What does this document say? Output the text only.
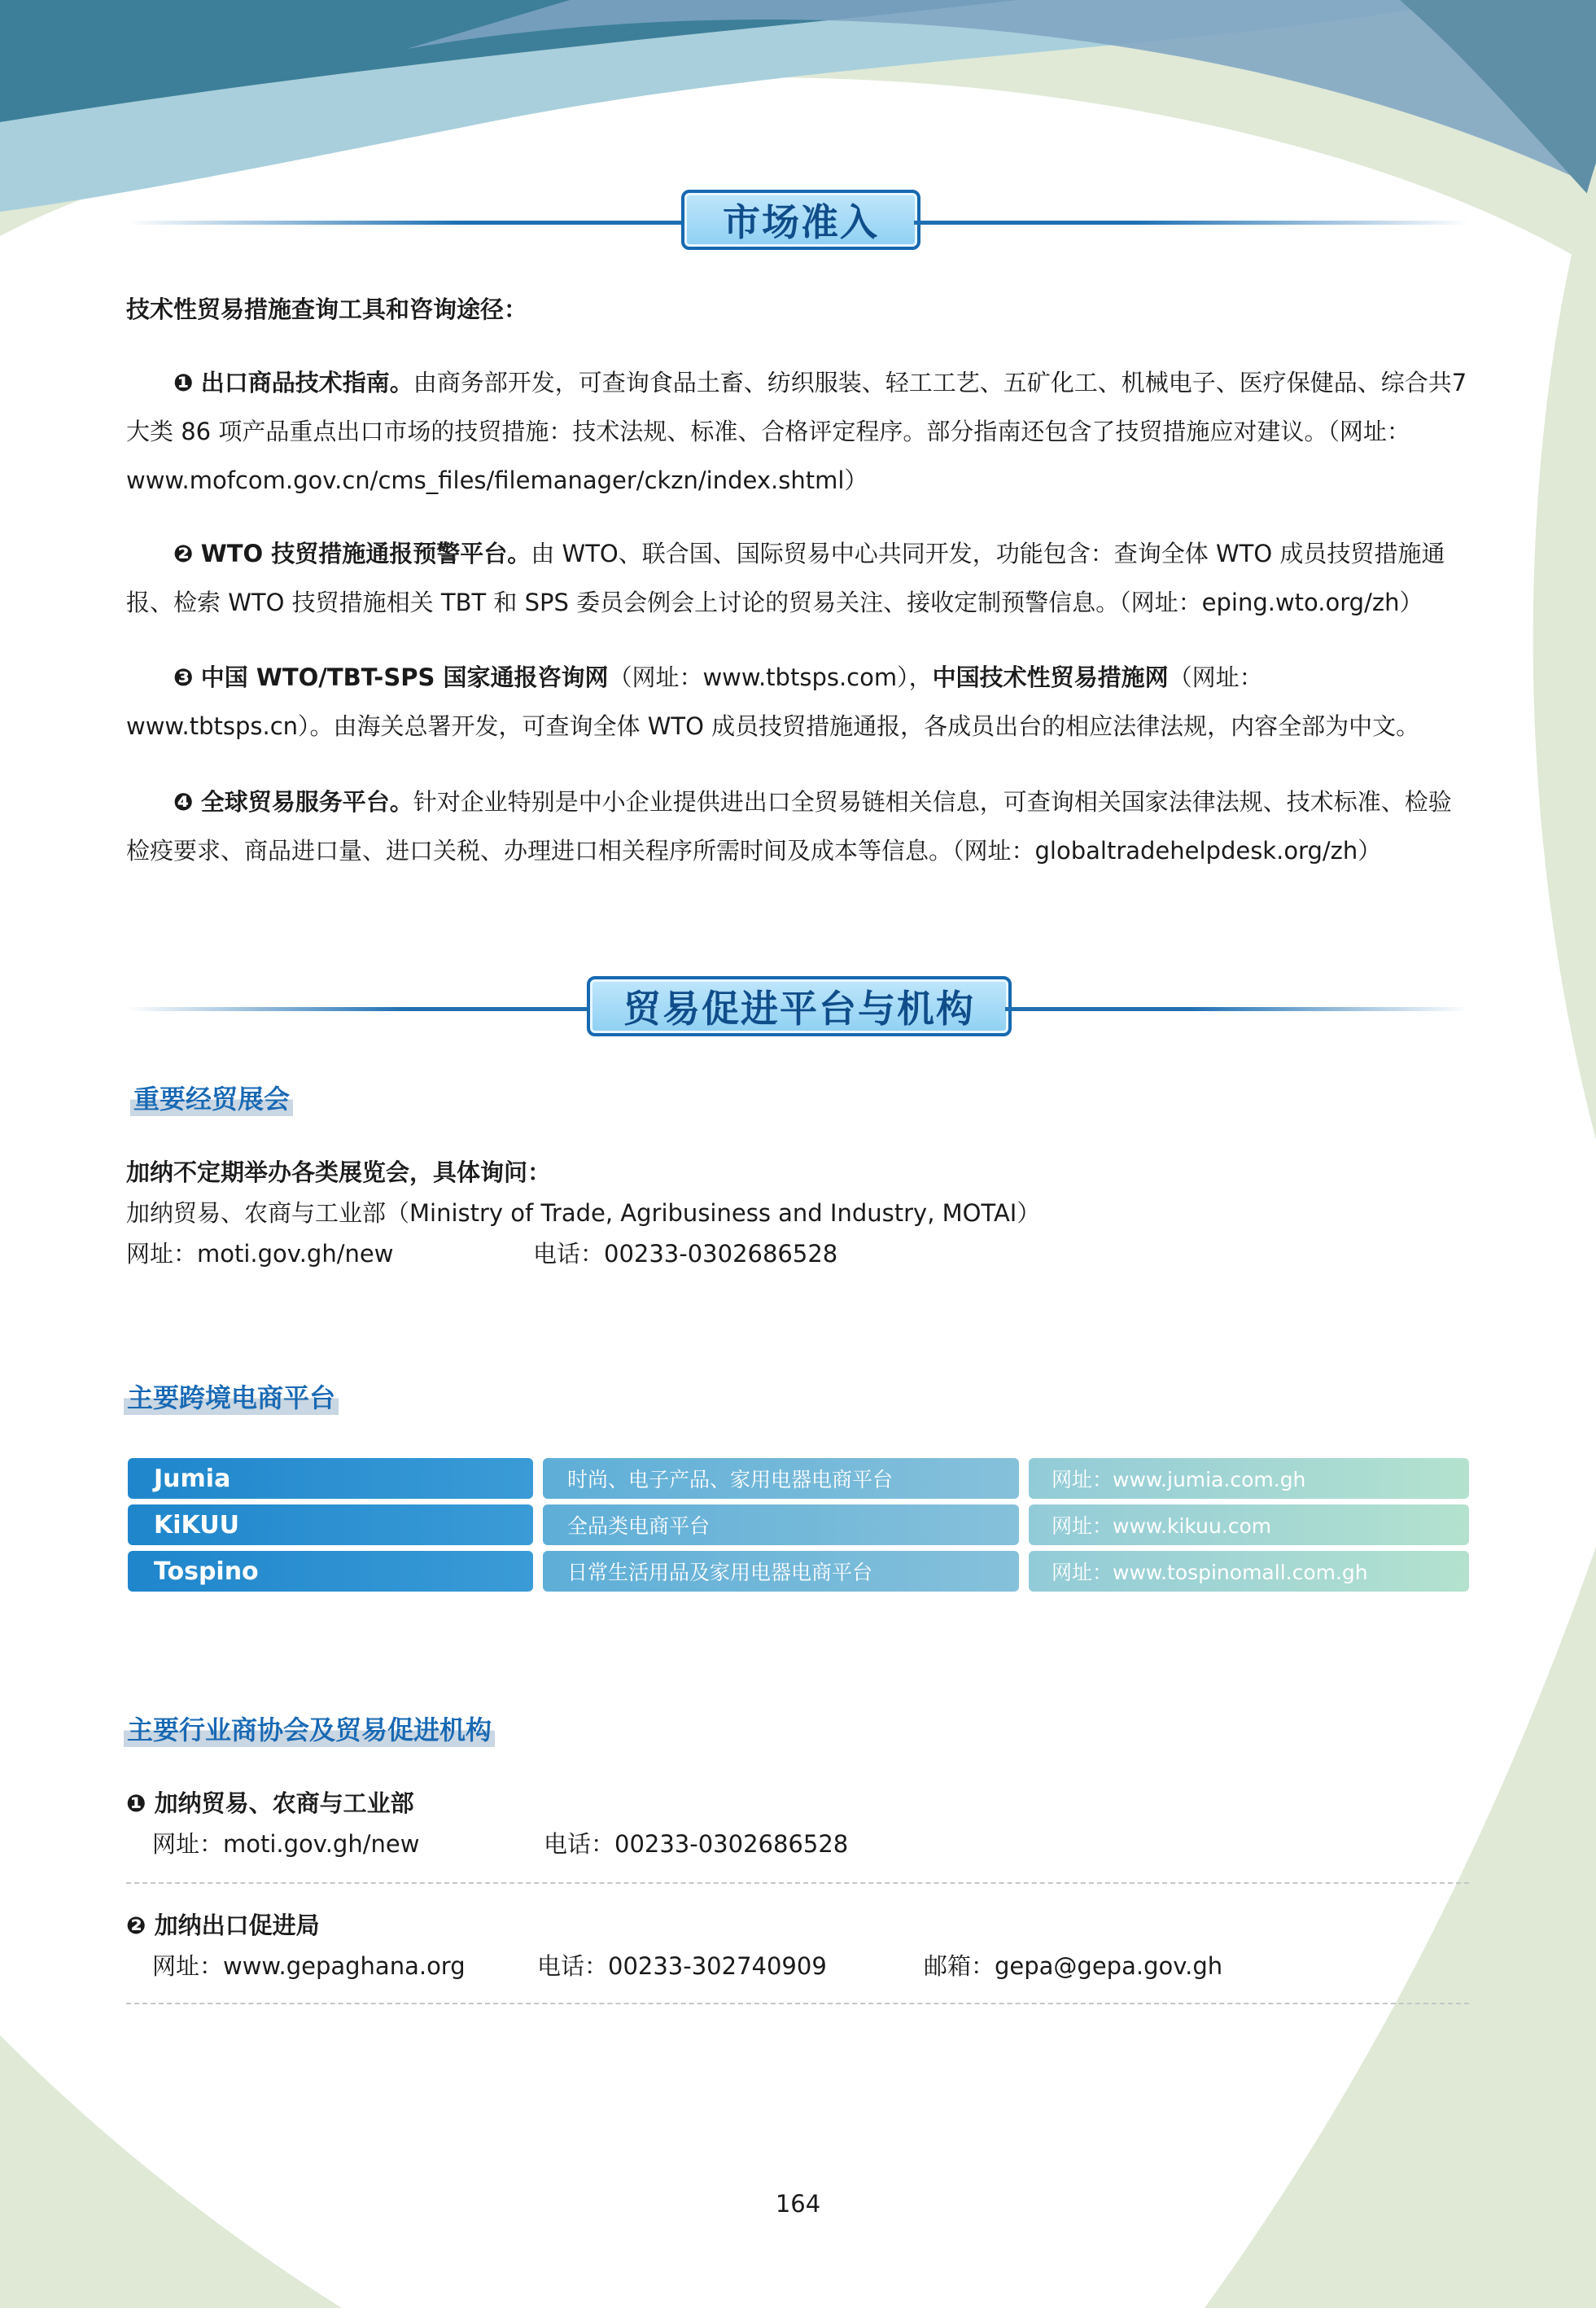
市场准入
技术性贸易措施查询工具和咨询途径：
❶ 出口商品技术指南。由商务部开发，可查询食品土畜、纺织服装、轻工工艺、五矿化工、机械电子、医疗保健品、综合共7 大类 86 项产品重点出口市场的技贸措施：技术法规、标准、合格评定程序。部分指南还包含了技贸措施应对建议。（网址：www.mofcom.gov.cn/cms_files/filemanager/ckzn/index.shtml）
❷ WTO 技贸措施通报预警平台。由 WTO、联合国、国际贸易中心共同开发，功能包含：查询全体 WTO 成员技贸措施通报、检索 WTO 技贸措施相关 TBT 和 SPS 委员会例会上讨论的贸易关注、接收定制预警信息。（网址：eping.wto.org/zh）
❸ 中国 WTO/TBT-SPS 国家通报咨询网（网址：www.tbtsps.com），中国技术性贸易措施网（网址：www.tbtsps.cn）。由海关总署开发，可查询全体 WTO 成员技贸措施通报，各成员出台的相应法律法规，内容全部为中文。
❹ 全球贸易服务平台。针对企业特别是中小企业提供进出口全贸易链相关信息，可查询相关国家法律法规、技术标准、检验检疫要求、商品进口量、进口关税、办理进口相关程序所需时间及成本等信息。（网址：globaltradehelpdesk.org/zh）
贸易促进平台与机构
重要经贸展会
加纳不定期举办各类展览会，具体询问：
加纳贸易、农商与工业部（Ministry of Trade, Agribusiness and Industry, MOTAI）
网址：moti.gov.gh/new	电话：00233-0302686528
主要跨境电商平台
Jumia	时尚、电子产品、家用电器电商平台	网址：www.jumia.com.gh
KiKUU	全品类电商平台	网址：www.kikuu.com
Tospino	日常生活用品及家用电器电商平台	网址：www.tospinomall.com.gh
主要行业商协会及贸易促进机构
❶ 加纳贸易、农商与工业部
网址：moti.gov.gh/new	电话：00233-0302686528
❷ 加纳出口促进局
网址：www.gepaghana.org	电话：00233-302740909	邮箱：gepa@gepa.gov.gh
164
